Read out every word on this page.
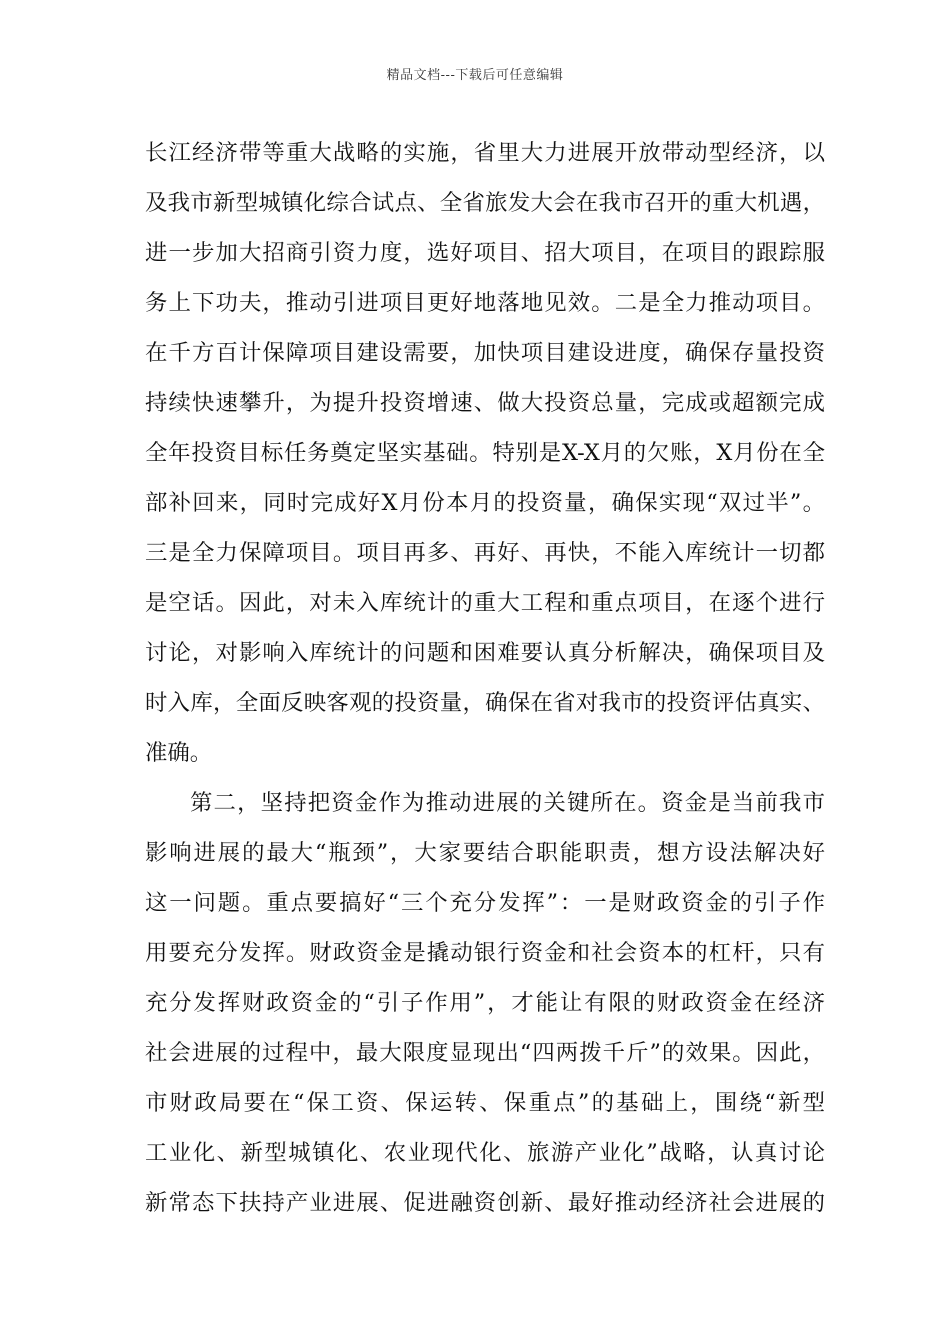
精品文档---下载后可任意编辑
长江经济带等重大战略的实施，省里大力进展开放带动型经济，以
及我市新型城镇化综合试点、全省旅发大会在我市召开的重大机遇，
进一步加大招商引资力度，选好项目、招大项目，在项目的跟踪服
务上下功夫，推动引进项目更好地落地见效。二是全力推动项目。
在千方百计保障项目建设需要，加快项目建设进度，确保存量投资
持续快速攀升，为提升投资增速、做大投资总量，完成或超额完成
全年投资目标任务奠定坚实基础。特别是X-X月的欠账，X月份在全
部补回来，同时完成好X月份本月的投资量，确保实现“双过半”。
三是全力保障项目。项目再多、再好、再快，不能入库统计一切都
是空话。因此，对未入库统计的重大工程和重点项目，在逐个进行
讨论，对影响入库统计的问题和困难要认真分析解决，确保项目及
时入库，全面反映客观的投资量，确保在省对我市的投资评估真实、
准确。
第二，坚持把资金作为推动进展的关键所在。资金是当前我市
影响进展的最大“瓶颈”，大家要结合职能职责，想方设法解决好
这一问题。重点要搞好“三个充分发挥”：一是财政资金的引子作
用要充分发挥。财政资金是撬动银行资金和社会资本的杠杆，只有
充分发挥财政资金的“引子作用”，才能让有限的财政资金在经济
社会进展的过程中，最大限度显现出“四两拨千斤”的效果。因此，
市财政局要在“保工资、保运转、保重点”的基础上，围绕“新型
工业化、新型城镇化、农业现代化、旅游产业化”战略，认真讨论
新常态下扶持产业进展、促进融资创新、最好推动经济社会进展的
